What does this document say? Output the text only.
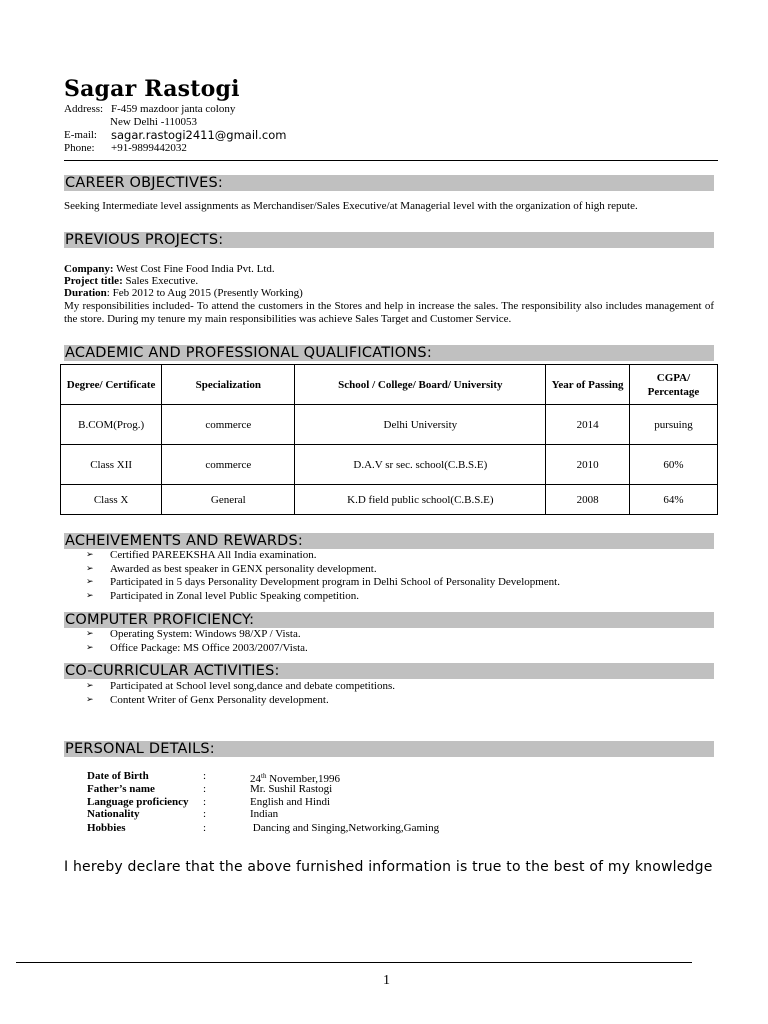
Sagar Rastogi
Address: F-459 mazdoor janta colony
New Delhi -110053
E-mail:	sagar.rastogi2411@gmail.com
Phone:	+91-9899442032
CAREER OBJECTIVES:
Seeking Intermediate level assignments as Merchandiser/Sales Executive/at Managerial level with the organization of high repute.
PREVIOUS PROJECTS:
Company: West Cost Fine Food India Pvt. Ltd.
Project title: Sales Executive.
Duration: Feb 2012 to Aug 2015 (Presently Working)
My responsibilities included- To attend the customers in the Stores and help in increase the sales. The responsibility also includes management of the store. During my tenure my main responsibilities was achieve Sales Target and Customer Service.
ACADEMIC AND PROFESSIONAL QUALIFICATIONS:
Degree/ Certificate	Specialization	School / College/ Board/ University	Year of Passing	CGPA/ Percentage
B.COM(Prog.)	commerce	Delhi University	2014	pursuing
Class XII	commerce	D.A.V sr sec. school(C.B.S.E)	2010	60%
Class X	General	K.D field public school(C.B.S.E)	2008	64%
ACHEIVEMENTS AND REWARDS:
➢ Certified PAREEKSHA All India examination.
➢ Awarded as best speaker in GENX personality development.
➢ Participated in 5 days Personality Development program in Delhi School of Personality Development.
➢ Participated in Zonal level Public Speaking competition.
COMPUTER PROFICIENCY:
➢ Operating System: Windows 98/XP / Vista.
➢ Office Package: MS Office 2003/2007/Vista.
CO-CURRICULAR ACTIVITIES:
➢ Participated at School level song,dance and debate competitions.
➢ Content Writer of Genx Personality development.
PERSONAL DETAILS:
Date of Birth	:	24th November,1996
Father’s name	:	Mr. Sushil Rastogi
Language proficiency :	English and Hindi
Nationality	:	Indian
Hobbies	:	Dancing and Singing,Networking,Gaming
I hereby declare that the above furnished information is true to the best of my knowledge
1
